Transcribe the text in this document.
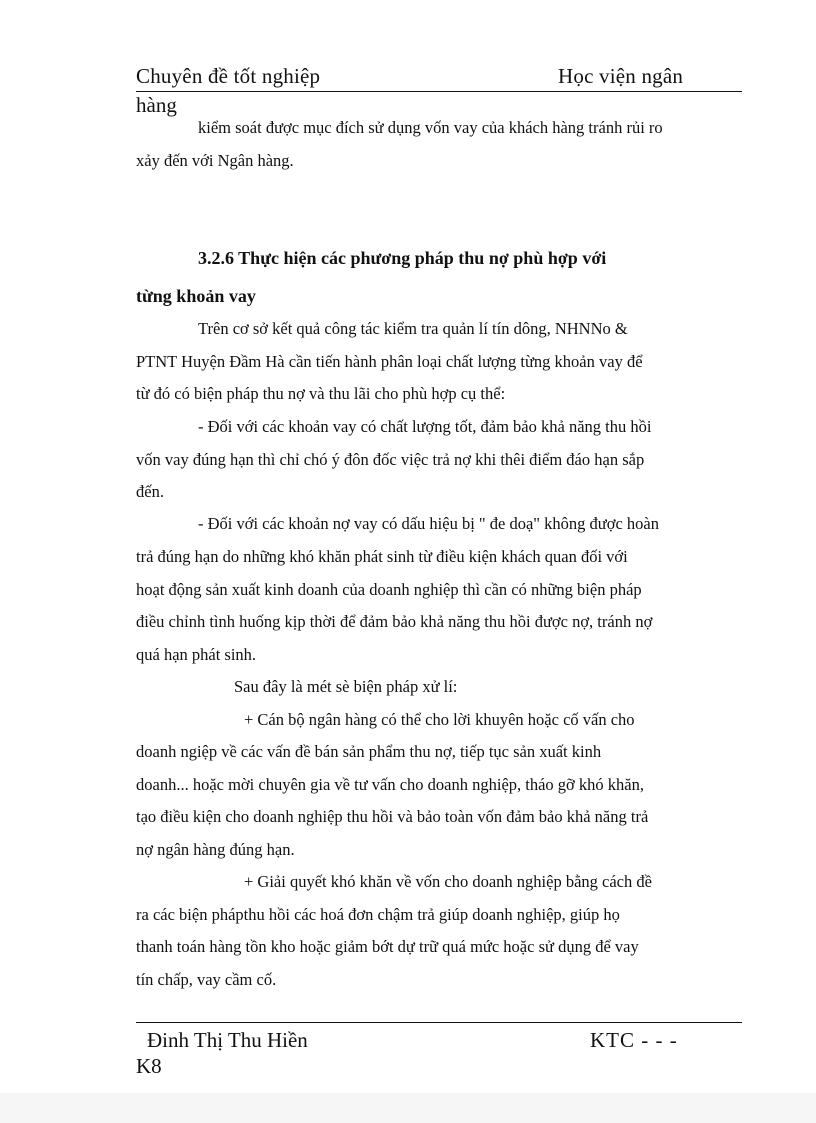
Chuyên đề tốt nghiệp	Học viện ngân
hàng
kiểm soát được mục đích sử dụng vốn vay của khách hàng tránh rủi ro
xảy đến với Ngân hàng.
3.2.6 Thực hiện các phương pháp thu nợ phù hợp với
từng khoản vay
Trên cơ sở kết quả công tác kiểm tra quản lí tín dông, NHNNo &
PTNT Huyện Đầm Hà cần tiến hành phân loại chất lượng từng khoản vay để
từ đó có biện pháp thu nợ và thu lãi cho phù hợp cụ thể:
- Đối với các khoản vay có chất lượng tốt, đảm bảo khả năng thu hồi
vốn vay đúng hạn thì chỉ chó ý đôn đốc việc trả nợ khi thêi điểm đáo hạn sắp
đến.
- Đối với các khoản nợ vay có dấu hiệu bị " đe doạ" không được hoàn
trả đúng hạn do những khó khăn phát sinh từ điều kiện khách quan đối với
hoạt động sản xuất kinh doanh của doanh nghiệp thì cần có những biện pháp
điều chỉnh tình huống kịp thời để đảm bảo khả năng thu hồi được nợ, tránh nợ
quá hạn phát sinh.
Sau đây là mét sè biện pháp xử lí:
+ Cán bộ ngân hàng có thể cho lời khuyên hoặc cố vấn cho
doanh ngiệp về các vấn đề bán sản phẩm thu nợ, tiếp tục sản xuất kinh
doanh... hoặc mời chuyên gia về tư vấn cho doanh nghiệp, tháo gỡ khó khăn,
tạo điều kiện cho doanh nghiệp thu hồi và bảo toàn vốn đảm bảo khả năng trả
nợ ngân hàng đúng hạn.
+ Giải quyết khó khăn về vốn cho doanh nghiệp bằng cách đề
ra các biện phápthu hồi các hoá đơn chậm trả giúp doanh nghiệp, giúp họ
thanh toán hàng tồn kho hoặc giảm bớt dự trữ quá mức hoặc sử dụng để vay
tín chấp, vay cầm cố.
Đinh Thị Thu Hiền	KTC - - -
K8
